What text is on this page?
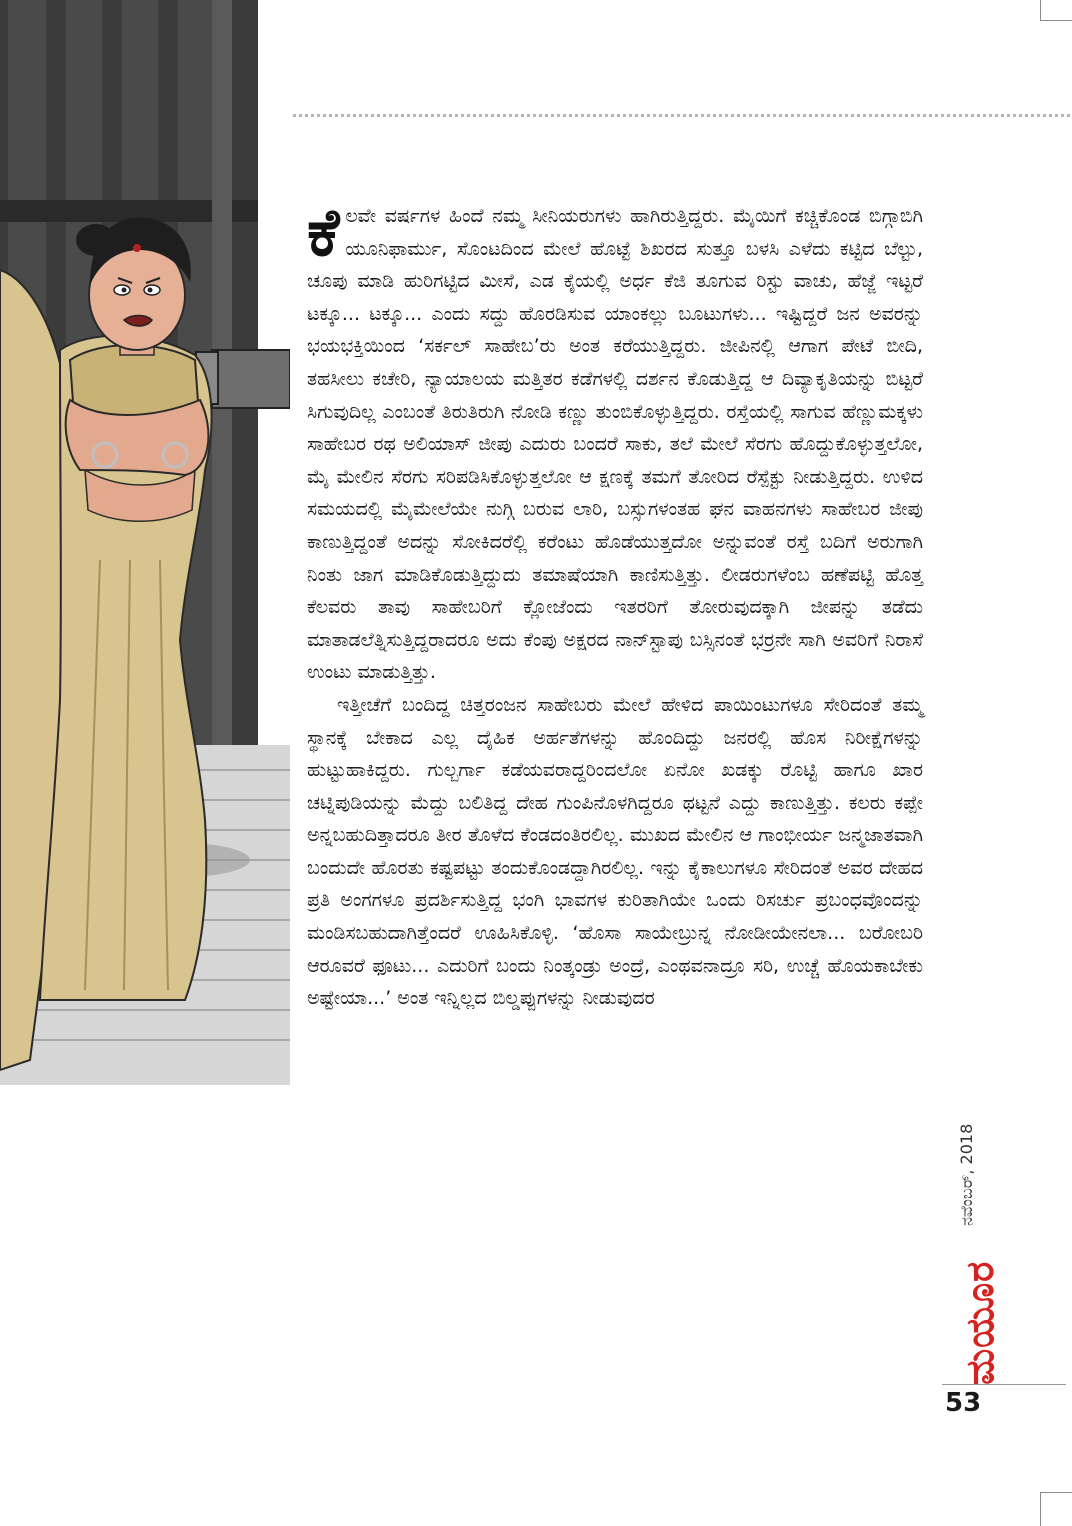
ಕೆಲವೇ ವರ್ಷಗಳ ಹಿಂದೆ ನಮ್ಮ ಸೀನಿಯರುಗಳು ಹಾಗಿರುತ್ತಿದ್ದರು. ಮೈಯಿಗೆ ಕಚ್ಚಿಕೊಂಡ ಬಿಗ್ಗಾಬಿಗಿ ಯೂನಿಫಾರ್ಮು, ಸೊಂಟದಿಂದ ಮೇಲೆ ಹೊಟ್ಟೆ ಶಿಖರದ ಸುತ್ತೂ ಬಳಸಿ ಎಳೆದು ಕಟ್ಟಿದ ಬೆಲ್ಟು, ಚೂಪು ಮಾಡಿ ಹುರಿಗಟ್ಟಿದ ಮೀಸೆ, ಎಡ ಕೈಯಲ್ಲಿ ಅರ್ಧ ಕೆಜಿ ತೂಗುವ ರಿಸ್ಟು ವಾಚು, ಹೆಜ್ಜೆ ಇಟ್ಟರೆ ಟಕ್ಕೂ... ಟಕ್ಕೂ... ಎಂದು ಸದ್ದು ಹೊರಡಿಸುವ ಯಾಂಕಲ್ಲು ಬೂಟುಗಳು... ಇಷ್ಟಿದ್ದರೆ ಜನ ಅವರನ್ನು ಭಯಭಕ್ತಿಯಿಂದ ‘ಸರ್ಕಲ್ ಸಾಹೇಬ’ರು ಅಂತ ಕರೆಯುತ್ತಿದ್ದರು. ಜೀಪಿನಲ್ಲಿ ಆಗಾಗ ಪೇಟೆ ಬೀದಿ, ತಹಸೀಲು ಕಚೇರಿ, ನ್ಯಾಯಾಲಯ ಮತ್ತಿತರ ಕಡೆಗಳಲ್ಲಿ ದರ್ಶನ ಕೊಡುತ್ತಿದ್ದ ಆ ದಿವ್ಯಾಕೃತಿಯನ್ನು ಬಿಟ್ಟರೆ ಸಿಗುವುದಿಲ್ಲ ಎಂಬಂತೆ ತಿರುತಿರುಗಿ ನೋಡಿ ಕಣ್ಣು ತುಂಬಿಕೊಳ್ಳುತ್ತಿದ್ದರು. ರಸ್ತೆಯಲ್ಲಿ ಸಾಗುವ ಹೆಣ್ಣುಮಕ್ಕಳು ಸಾಹೇಬರ ರಥ ಅಲಿಯಾಸ್ ಜೀಪು ಎದುರು ಬಂದರೆ ಸಾಕು, ತಲೆ ಮೇಲೆ ಸೆರಗು ಹೊದ್ದುಕೊಳ್ಳುತ್ತಲೋ, ಮೈ ಮೇಲಿನ ಸೆರಗು ಸರಿಪಡಿಸಿಕೊಳ್ಳುತ್ತಲೋ ಆ ಕ್ಷಣಕ್ಕೆ ತಮಗೆ ತೋರಿದ ರೆಸ್ಪೆಕ್ಟು ನೀಡುತ್ತಿದ್ದರು. ಉಳಿದ ಸಮಯದಲ್ಲಿ ಮೈಮೇಲೆಯೇ ನುಗ್ಗಿ ಬರುವ ಲಾರಿ, ಬಸ್ಸುಗಳಂತಹ ಘನ ವಾಹನಗಳು ಸಾಹೇಬರ ಜೀಪು ಕಾಣುತ್ತಿದ್ದಂತೆ ಅದನ್ನು ಸೋಕಿದರೆಲ್ಲಿ ಕರೆಂಟು ಹೊಡೆಯುತ್ತದೋ ಅನ್ನುವಂತೆ ರಸ್ತೆ ಬದಿಗೆ ಅರುಗಾಗಿ ನಿಂತು ಜಾಗ ಮಾಡಿಕೊಡುತ್ತಿದ್ದುದು ತಮಾಷೆಯಾಗಿ ಕಾಣಿಸುತ್ತಿತ್ತು. ಲೀಡರುಗಳೆಂಬ ಹಣೆಪಟ್ಟಿ ಹೊತ್ತ ಕೆಲವರು ತಾವು ಸಾಹೇಬರಿಗೆ ಕ್ಲೋಜೆಂದು ಇತರರಿಗೆ ತೋರುವುದಕ್ಕಾಗಿ ಜೀಪನ್ನು ತಡೆದು ಮಾತಾಡಲೆತ್ನಿಸುತ್ತಿದ್ದರಾದರೂ ಅದು ಕೆಂಪು ಅಕ್ಷರದ ನಾನ್‌ಸ್ಟಾಪು ಬಸ್ಸಿನಂತೆ ಭರ್ರನೇ ಸಾಗಿ ಅವರಿಗೆ ನಿರಾಸೆ ಉಂಟು ಮಾಡುತ್ತಿತ್ತು.

ಇತ್ತೀಚೆಗೆ ಬಂದಿದ್ದ ಚಿತ್ತರಂಜನ ಸಾಹೇಬರು ಮೇಲೆ ಹೇಳಿದ ಪಾಯಿಂಟುಗಳೂ ಸೇರಿದಂತೆ ತಮ್ಮ ಸ್ಥಾನಕ್ಕೆ ಬೇಕಾದ ಎಲ್ಲ ದೈಹಿಕ ಅರ್ಹತೆಗಳನ್ನು ಹೊಂದಿದ್ದು ಜನರಲ್ಲಿ ಹೊಸ ನಿರೀಕ್ಷೆಗಳನ್ನು ಹುಟ್ಟುಹಾಕಿದ್ದರು. ಗುಲ್ಬರ್ಗಾ ಕಡೆಯವರಾದ್ದರಿಂದಲೋ ಏನೋ ಖಡಕ್ಕು ರೊಟ್ಟಿ ಹಾಗೂ ಖಾರ ಚಟ್ನಿಪುಡಿಯನ್ನು ಮೆದ್ದು ಬಲಿತಿದ್ದ ದೇಹ ಗುಂಪಿನೊಳಗಿದ್ದರೂ ಥಟ್ಟನೆ ಎದ್ದು ಕಾಣುತ್ತಿತ್ತು. ಕಲರು ಕಪ್ಪೇ ಅನ್ನಬಹುದಿತ್ತಾದರೂ ತೀರ ತೊಳೆದ ಕೆಂಡದಂತಿರಲಿಲ್ಲ. ಮುಖದ ಮೇಲಿನ ಆ ಗಾಂಭೀರ್ಯ ಜನ್ಮಜಾತವಾಗಿ ಬಂದುದೇ ಹೊರತು ಕಷ್ಟಪಟ್ಟು ತಂದುಕೊಂಡದ್ದಾಗಿರಲಿಲ್ಲ. ಇನ್ನು ಕೈಕಾಲುಗಳೂ ಸೇರಿದಂತೆ ಅವರ ದೇಹದ ಪ್ರತಿ ಅಂಗಗಳೂ ಪ್ರದರ್ಶಿಸುತ್ತಿದ್ದ ಭಂಗಿ ಭಾವಗಳ ಕುರಿತಾಗಿಯೇ ಒಂದು ರಿಸರ್ಚು ಪ್ರಬಂಧವೊಂದನ್ನು ಮಂಡಿಸಬಹುದಾಗಿತ್ತೆಂದರೆ ಊಹಿಸಿಕೊಳ್ಳಿ. ‘ಹೊಸಾ ಸಾಯೇಬ್ರುನ್ನ ನೋಡೀಯೇನಲಾ... ಬರೋಬರಿ ಆರೂವರೆ ಫೂಟು... ಎದುರಿಗೆ ಬಂದು ನಿಂತ್ಕಂಡ್ರು ಅಂದ್ರೆ, ಎಂಥವನಾದ್ರೂ ಸರಿ, ಉಚ್ಚೆ ಹೊಯಕಾಬೇಕು ಅಷ್ಟೇಯಾ...’ ಅಂತ ಇನ್ನಿಲ್ಲದ ಬಿಲ್ಡಪ್ಪುಗಳನ್ನು ನೀಡುವುದರ

ನವೆಂಬರ್, 2018
ಮಯೂರ
53
